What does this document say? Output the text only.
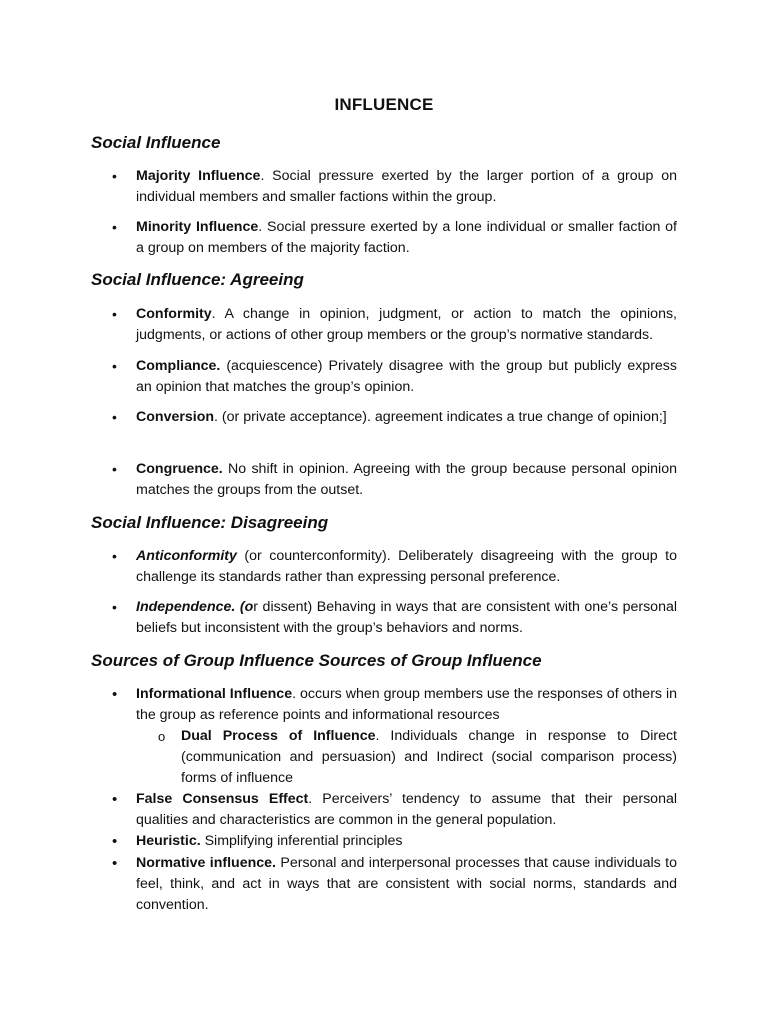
INFLUENCE
Social Influence
• Majority Influence. Social pressure exerted by the larger portion of a group on individual members and smaller factions within the group.

• Minority Influence. Social pressure exerted by a lone individual or smaller faction of a group on members of the majority faction.

Social Influence: Agreeing
• Conformity. A change in opinion, judgment, or action to match the opinions, judgments, or actions of other group members or the group’s normative standards.

• Compliance. (acquiescence) Privately disagree with the group but publicly express an opinion that matches the group’s opinion.

• Conversion. (or private acceptance). agreement indicates a true change of opinion;]

• Congruence. No shift in opinion. Agreeing with the group because personal opinion matches the groups from the outset.

Social Influence: Disagreeing
• Anticonformity (or counterconformity). Deliberately disagreeing with the group to challenge its standards rather than expressing personal preference.

• Independence. (or dissent) Behaving in ways that are consistent with one’s personal beliefs but inconsistent with the group’s behaviors and norms.

Sources of Group Influence Sources of Group Influence
• Informational Influence. occurs when group members use the responses of others in the group as reference points and informational resources

o Dual Process of Influence. Individuals change in response to Direct (communication and persuasion) and Indirect (social comparison process) forms of influence

• False Consensus Effect. Perceivers’ tendency to assume that their personal qualities and characteristics are common in the general population.

• Heuristic. Simplifying inferential principles

• Normative influence. Personal and interpersonal processes that cause individuals to feel, think, and act in ways that are consistent with social norms, standards and convention.
